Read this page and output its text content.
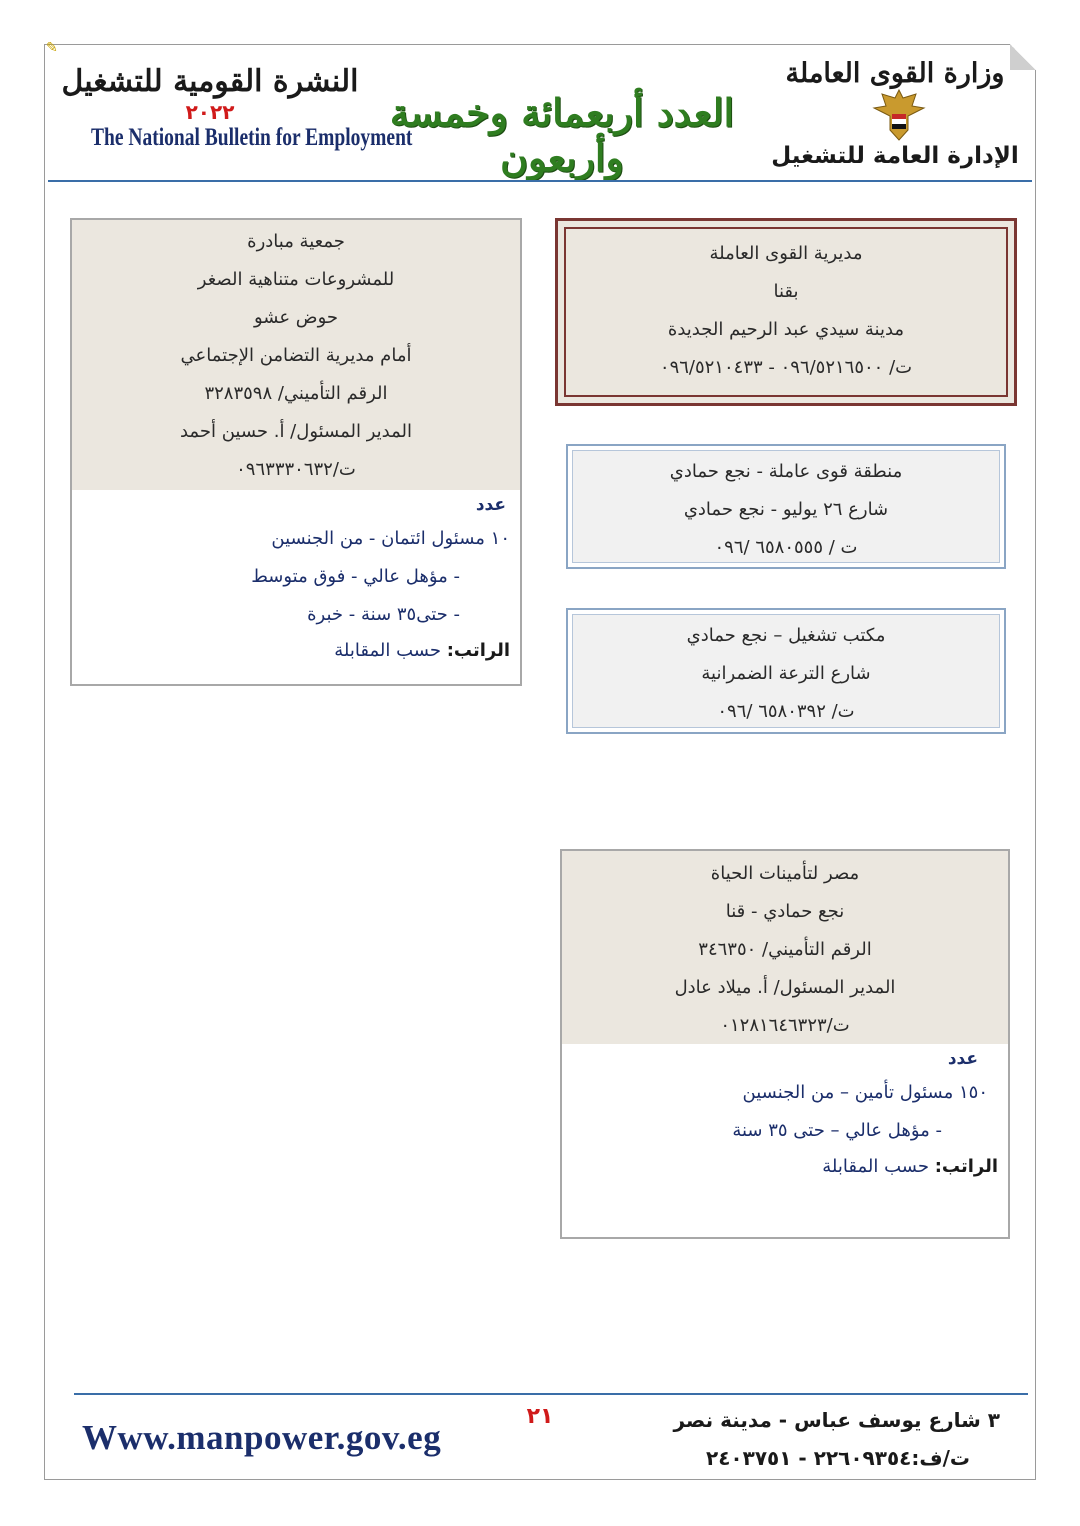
✎
النشرة القومية للتشغيل
٢٠٢٢
The National Bulletin for Employment
العدد أربعمائة وخمسة وأربعون
وزارة القوى العاملة
الإدارة العامة للتشغيل
مديرية القوى العاملة
بقنا
مدينة سيدي عبد الرحيم الجديدة
ت/ ٠٩٦/٥٢١٦٥٠٠ - ٠٩٦/٥٢١٠٤٣٣
منطقة قوى عاملة - نجع حمادي
شارع ٢٦ يوليو - نجع حمادي
ت / ٦٥٨٠٥٥٥ /٠٩٦
مكتب تشغيل – نجع حمادي
شارع الترعة الضمرانية
ت/ ٦٥٨٠٣٩٢ /٠٩٦
جمعية مبادرة
للمشروعات متناهية الصغر
حوض عشو
أمام مديرية التضامن الإجتماعي
الرقم التأميني/ ٣٢٨٣٥٩٨
المدير المسئول/ أ. حسين أحمد
ت/٠٩٦٣٣٣٠٦٣٢
عدد
١٠ مسئول ائتمان - من الجنسين
- مؤهل عالي - فوق متوسط
- حتى٣٥ سنة - خبرة
الراتب: حسب المقابلة
مصر لتأمينات الحياة
نجع حمادي - قنا
الرقم التأميني/ ٣٤٦٣٥٠
المدير المسئول/ أ. ميلاد عادل
ت/٠١٢٨١٦٤٦٣٢٣
عدد
١٥٠ مسئول تأمين – من الجنسين
- مؤهل عالي – حتى ٣٥ سنة
الراتب: حسب المقابلة
Www.manpower.gov.eg
٢١	٣ شارع يوسف عباس - مدينة نصر
ت/ف:٢٢٦٠٩٣٥٤ - ٢٤٠٣٧٥١
